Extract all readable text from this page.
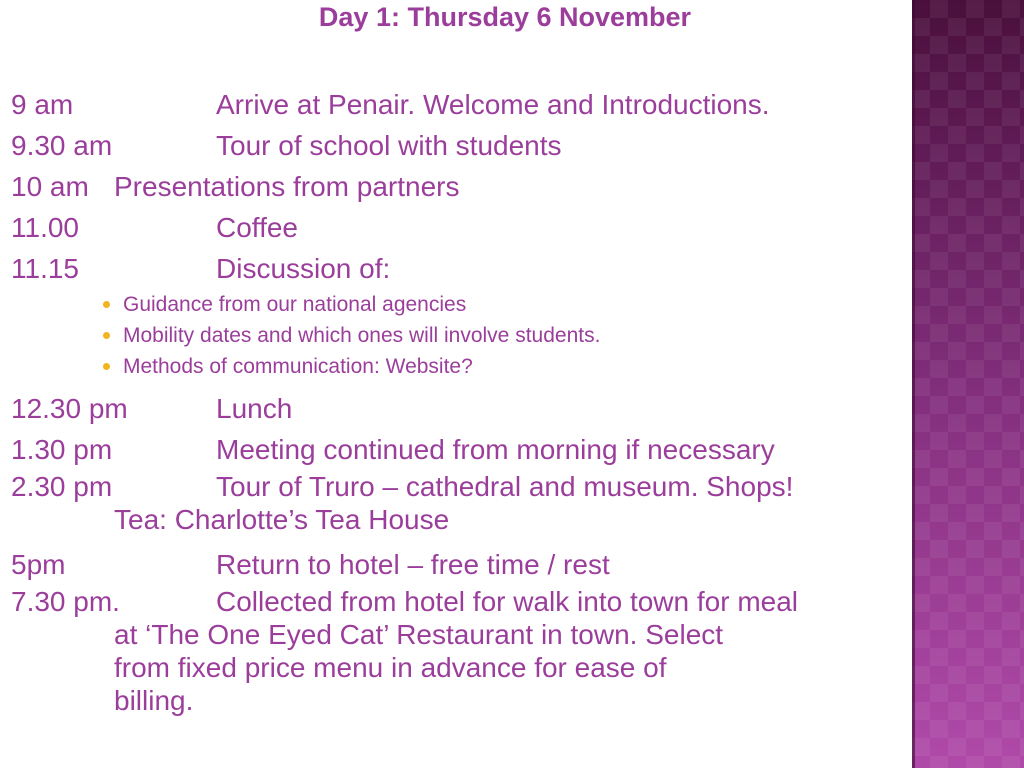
Day 1: Thursday 6 November
9 am	Arrive at Penair. Welcome and Introductions.
9.30 am	Tour of school with students
10 am Presentations from partners
11.00	Coffee
11.15	Discussion of:
Guidance from our national agencies
Mobility dates and which ones will involve students.
Methods of communication: Website?
12.30 pm	Lunch
1.30 pm	Meeting continued from morning if necessary
2.30 pm	Tour of Truro – cathedral and museum. Shops!
Tea: Charlotte’s Tea House
5pm	Return to hotel – free time / rest
7.30 pm.	Collected from hotel for walk into town for meal
at ‘The One Eyed Cat’ Restaurant in town. Select
from fixed price menu in advance for ease of
billing.
